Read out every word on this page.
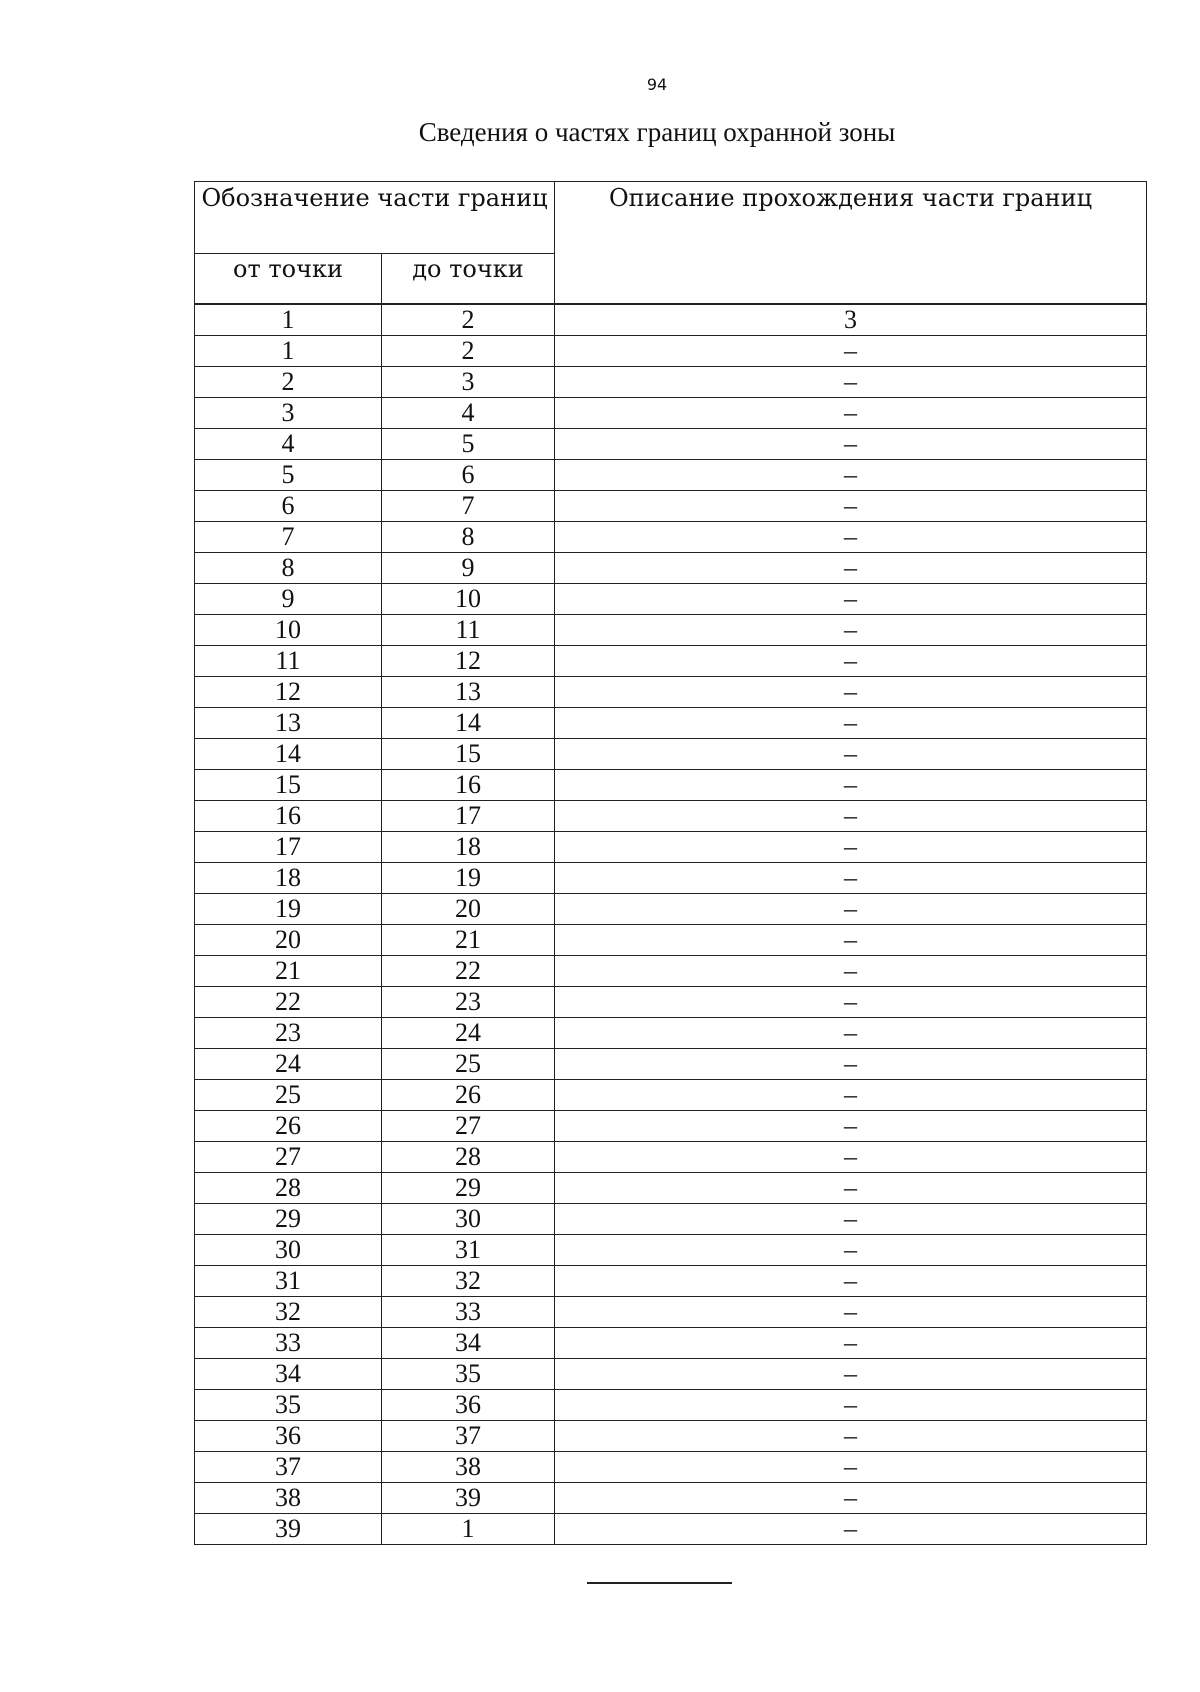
94
Сведения о частях границ охранной зоны
Обозначение части границ		Описание прохождения части границ
от точки	до точки	
1	2	3
1	2	–
2	3	–
3	4	–
4	5	–
5	6	–
6	7	–
7	8	–
8	9	–
9	10	–
10	11	–
11	12	–
12	13	–
13	14	–
14	15	–
15	16	–
16	17	–
17	18	–
18	19	–
19	20	–
20	21	–
21	22	–
22	23	–
23	24	–
24	25	–
25	26	–
26	27	–
27	28	–
28	29	–
29	30	–
30	31	–
31	32	–
32	33	–
33	34	–
34	35	–
35	36	–
36	37	–
37	38	–
38	39	–
39	1	–
